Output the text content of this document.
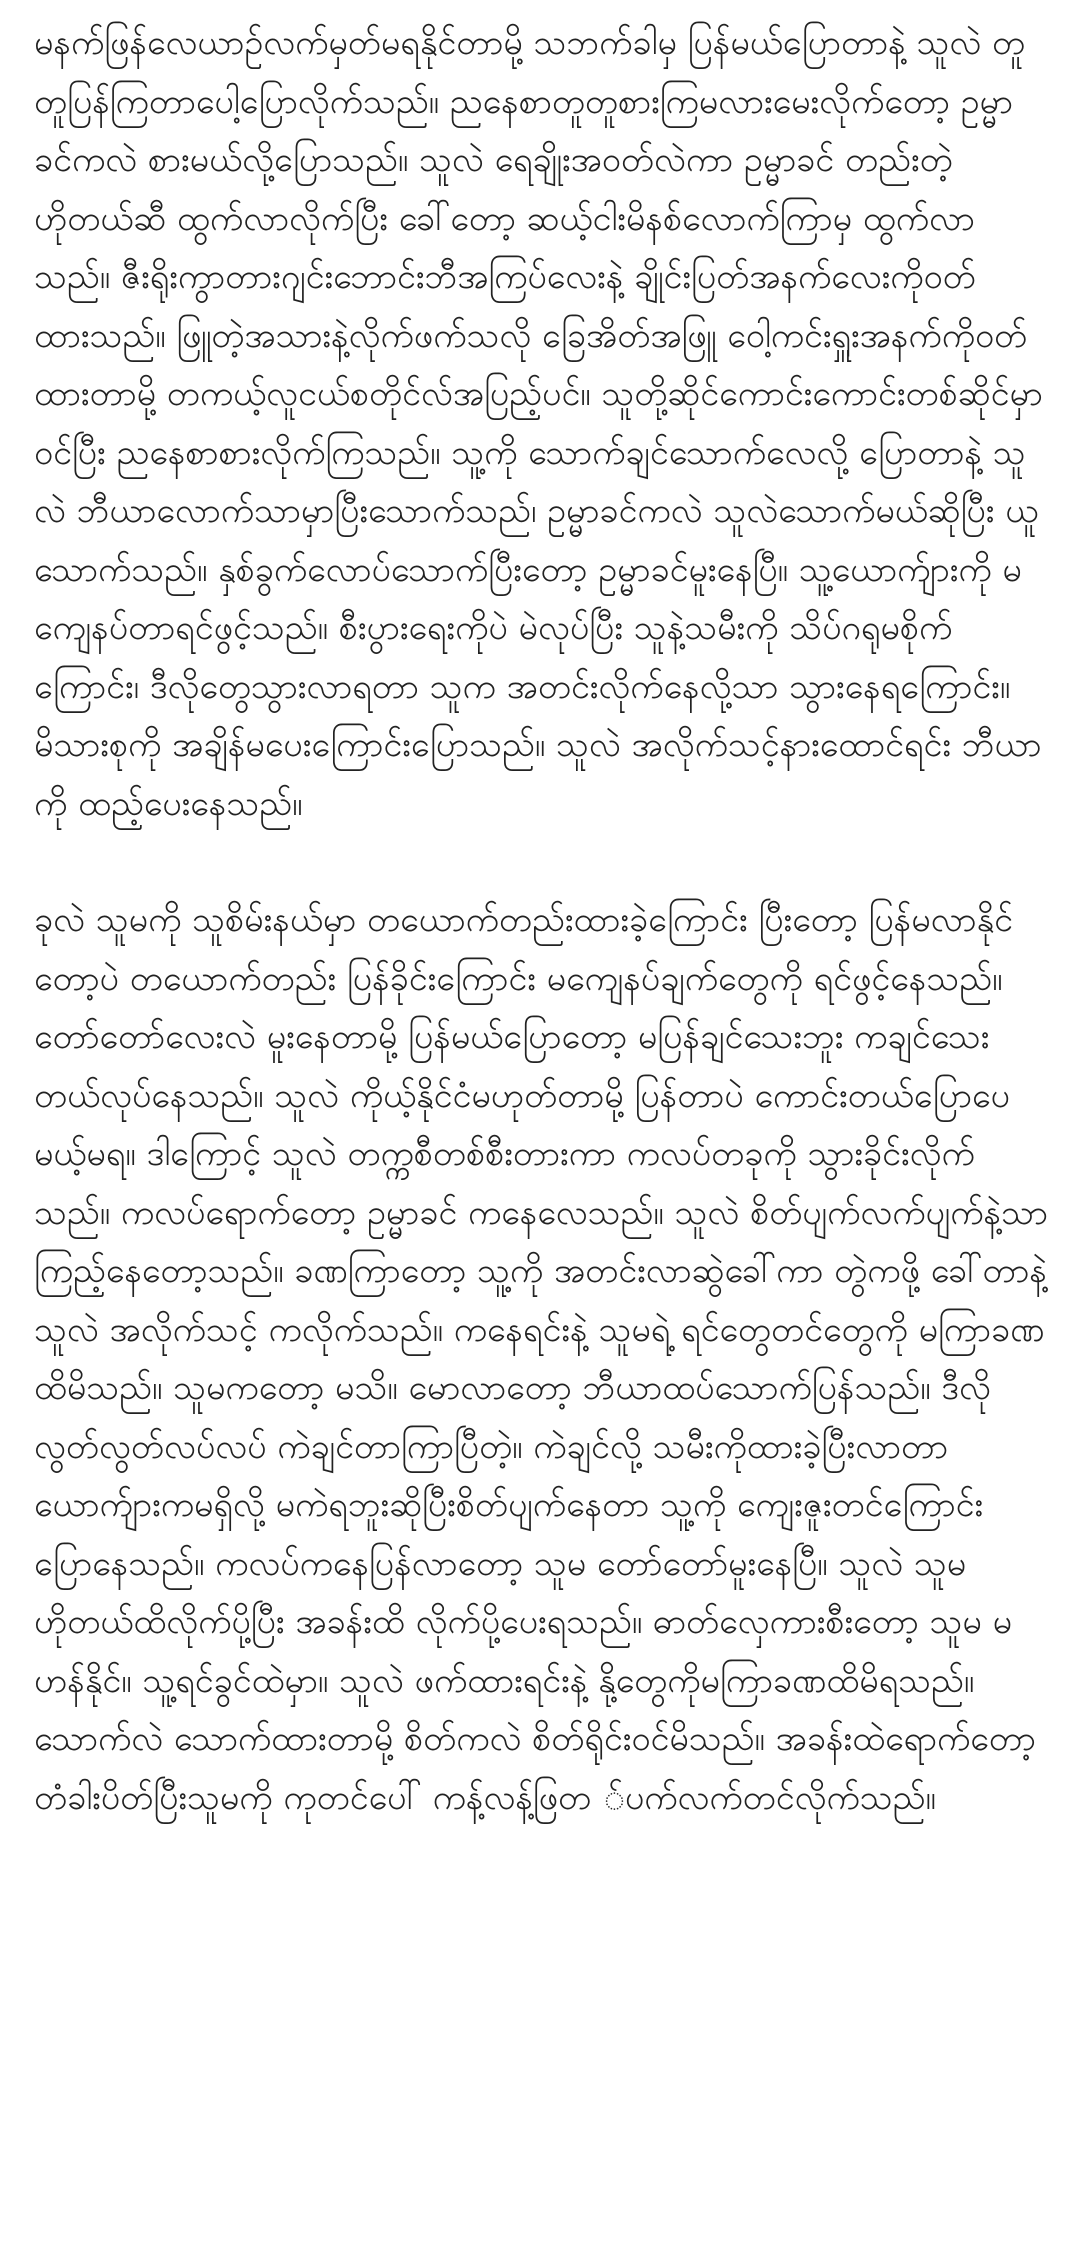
မနက်ဖြန်လေယာဥ်လက်မှတ်မရနိုင်တာမို့ သဘက်ခါမှ ပြန်မယ်ပြောတာနဲ့ သူလဲ တူတူပြန်ကြတာပေါ့ပြောလိုက်သည်။ ညနေစာတူတူစားကြမလားမေးလိုက်တော့ ဥမ္မာခင်ကလဲ စားမယ်လို့ပြောသည်။ သူလဲ ရေချိုးအဝတ်လဲကာ ဥမ္မာခင် တည်းတဲ့ဟိုတယ်ဆီ ထွက်လာလိုက်ပြီး ခေါ်တော့ ဆယ့်ငါးမိနစ်လောက်ကြာမှ ထွက်လာသည်။ ဇီးရိုးကွာတားဂျင်းဘောင်းဘီအကြပ်လေးနဲ့ ချိုင်းပြတ်အနက်လေးကိုဝတ်ထားသည်။ ဖြူတဲ့အသားနဲ့လိုက်ဖက်သလို ခြေအိတ်အဖြူ ဝေါ့ကင်းရှူးအနက်ကိုဝတ်ထားတာမို့ တကယ့်လူငယ်စတိုင်လ်အပြည့်ပင်။ သူတို့ဆိုင်ကောင်းကောင်းတစ်ဆိုင်မှာ ဝင်ပြီး ညနေစာစားလိုက်ကြသည်။ သူ့ကို သောက်ချင်သောက်လေလို့ ပြောတာနဲ့ သူလဲ ဘီယာလောက်သာမှာပြီးသောက်သည်၊ ဥမ္မာခင်ကလဲ သူလဲသောက်မယ်ဆိုပြီး ယူသောက်သည်။ နှစ်ခွက်လောပ်သောက်ပြီးတော့ ဥမ္မာခင်မူးနေပြီ။ သူ့ယောက်ျားကို မကျေနပ်တာရင်ဖွင့်သည်။ စီးပွားရေးကိုပဲ မဲလုပ်ပြီး သူနဲ့သမီးကို သိပ်ဂရုမစိုက်ကြောင်း၊ ဒီလိုတွေသွားလာရတာ သူက အတင်းလိုက်နေလို့သာ သွားနေရကြောင်း။ မိသားစုကို အချိန်မပေးကြောင်းပြောသည်။ သူလဲ အလိုက်သင့်နားထောင်ရင်း ဘီယာကို ထည့်ပေးနေသည်။

ခုလဲ သူမကို သူစိမ်းနယ်မှာ တယောက်တည်းထားခဲ့ကြောင်း ပြီးတော့ ပြန်မလာနိုင်တော့ပဲ တယောက်တည်း ပြန်ခိုင်းကြောင်း မကျေနပ်ချက်တွေကို ရင်ဖွင့်နေသည်။ တော်တော်လေးလဲ မူးနေတာမို့ ပြန်မယ်ပြောတော့ မပြန်ချင်သေးဘူး ကချင်သေးတယ်လုပ်နေသည်။ သူလဲ ကိုယ့်နိုင်ငံမဟုတ်တာမို့ ပြန်တာပဲ ကောင်းတယ်ပြောပေမယ့်မရ။ ဒါကြောင့် သူလဲ တက္ကစီတစ်စီးတားကာ ကလပ်တခုကို သွားခိုင်းလိုက်သည်။ ကလပ်ရောက်တော့ ဥမ္မာခင် ကနေလေသည်။ သူလဲ စိတ်ပျက်လက်ပျက်နဲ့သာ ကြည့်နေတော့သည်။ ခဏကြာတော့ သူ့ကို အတင်းလာဆွဲခေါ်ကာ တွဲကဖို့ ခေါ်တာနဲ့ သူလဲ အလိုက်သင့် ကလိုက်သည်။ ကနေရင်းနဲ့ သူမရဲ့ ရင်တွေတင်တွေကို မကြာခဏထိမိသည်။ သူမကတော့ မသိ။ မောလာတော့ ဘီယာထပ်သောက်ပြန်သည်။ ဒီလို လွတ်လွတ်လပ်လပ် ကဲချင်တာကြာပြီတဲ့။ ကဲချင်လို့ သမီးကိုထားခဲ့ပြီးလာတာ ယောက်ျားကမရှိလို့ မကဲရဘူးဆိုပြီးစိတ်ပျက်နေတာ သူ့ကို ကျေးဇူးတင်ကြောင်း ပြောနေသည်။ ကလပ်ကနေပြန်လာတော့ သူမ တော်တော်မူးနေပြီ။ သူလဲ သူမဟိုတယ်ထိလိုက်ပို့ပြီး အခန်းထိ လိုက်ပို့ပေးရသည်။ ဓာတ်လှေကားစီးတော့ သူမ မဟန်နိုင်။ သူ့ရင်ခွင်ထဲမှာ။ သူလဲ ဖက်ထားရင်းနဲ့ နို့တွေကိုမကြာခဏထိမိရသည်။သောက်လဲ သောက်ထားတာမို့ စိတ်ကလဲ စိတ်ရိုင်းဝင်မိသည်။ အခန်းထဲရောက်တော့ တံခါးပိတ်ပြီးသူမကို ကုတင်ပေါ် ကန့်လန့်ဖြတ ်ပက်လက်တင်လိုက်သည်။
